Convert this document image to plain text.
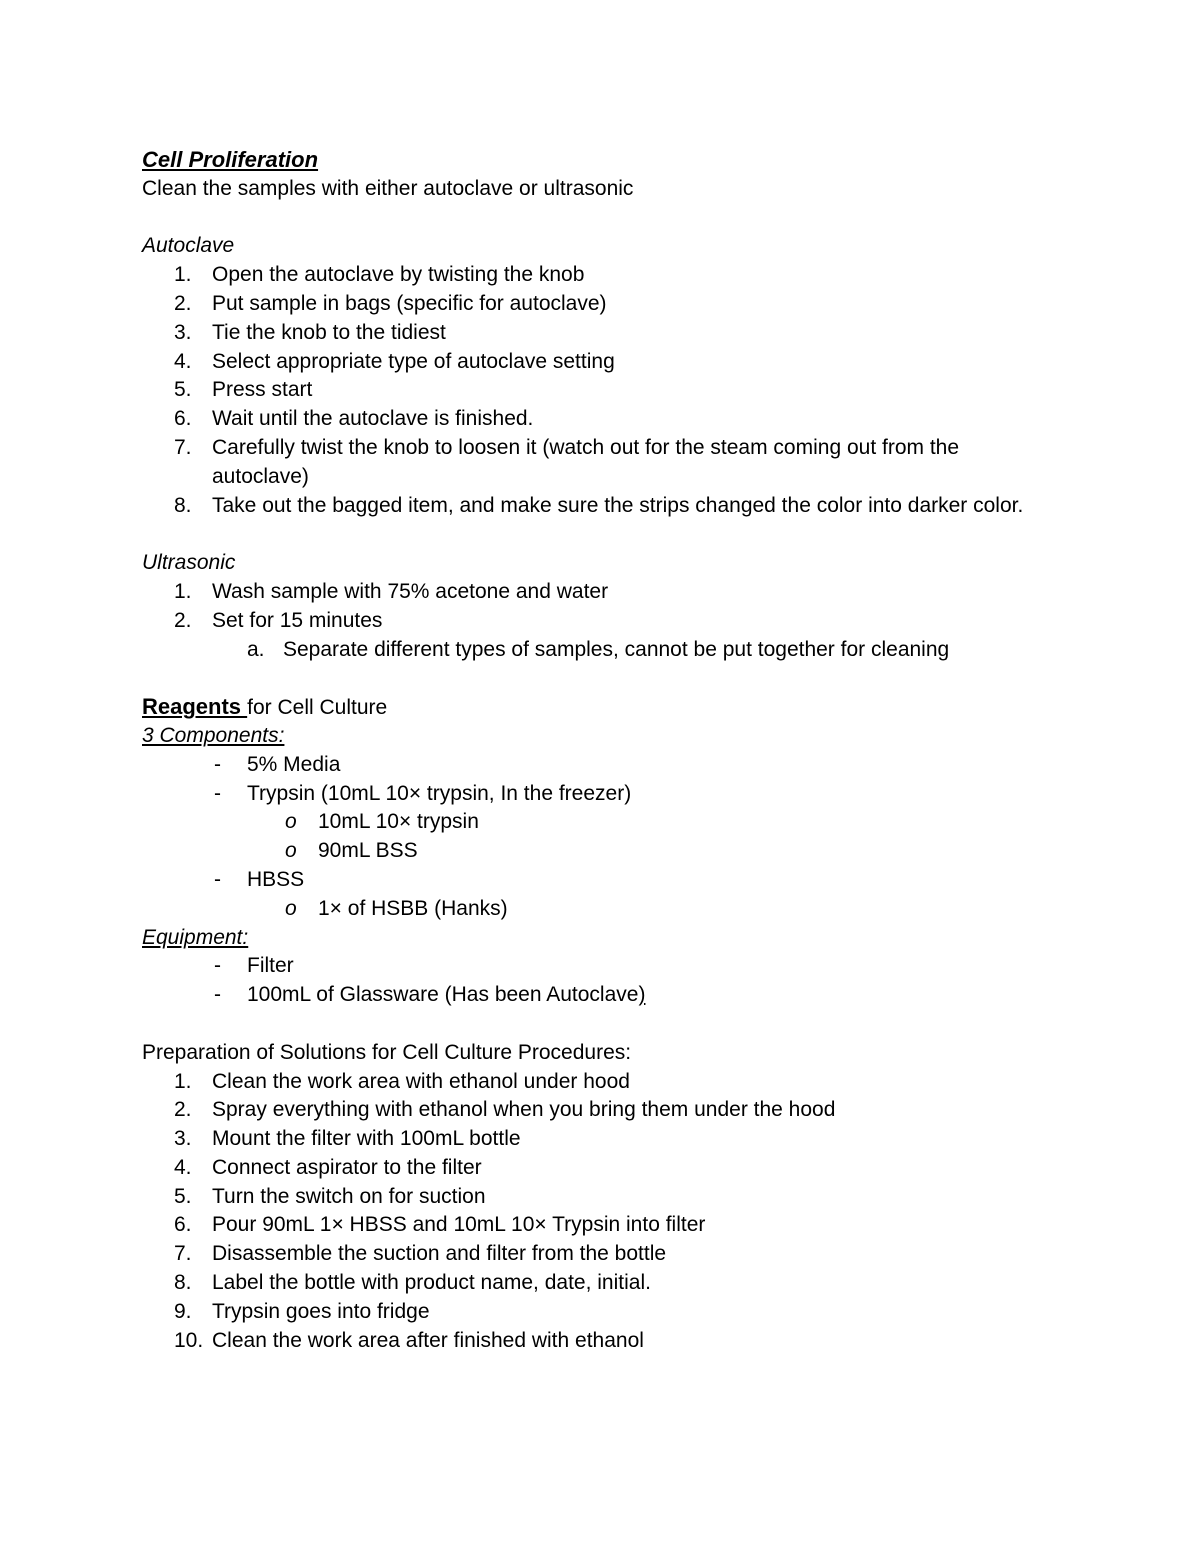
Cell Proliferation
Clean the samples with either autoclave or ultrasonic
Autoclave
1. Open the autoclave by twisting the knob
2. Put sample in bags (specific for autoclave)
3. Tie the knob to the tidiest
4. Select appropriate type of autoclave setting
5. Press start
6. Wait until the autoclave is finished.
7. Carefully twist the knob to loosen it (watch out for the steam coming out from the
autoclave)
8. Take out the bagged item, and make sure the strips changed the color into darker color.
Ultrasonic
1. Wash sample with 75% acetone and water
2. Set for 15 minutes
a. Separate different types of samples, cannot be put together for cleaning
Reagents for Cell Culture
3 Components:
- 5% Media
- Trypsin (10mL 10× trypsin, In the freezer)
o 10mL 10× trypsin
o 90mL BSS
- HBSS
o 1× of HSBB (Hanks)
Equipment:
- Filter
- 100mL of Glassware (Has been Autoclave)
Preparation of Solutions for Cell Culture Procedures:
1. Clean the work area with ethanol under hood
2. Spray everything with ethanol when you bring them under the hood
3. Mount the filter with 100mL bottle
4. Connect aspirator to the filter
5. Turn the switch on for suction
6. Pour 90mL 1× HBSS and 10mL 10× Trypsin into filter
7. Disassemble the suction and filter from the bottle
8. Label the bottle with product name, date, initial.
9. Trypsin goes into fridge
10. Clean the work area after finished with ethanol
